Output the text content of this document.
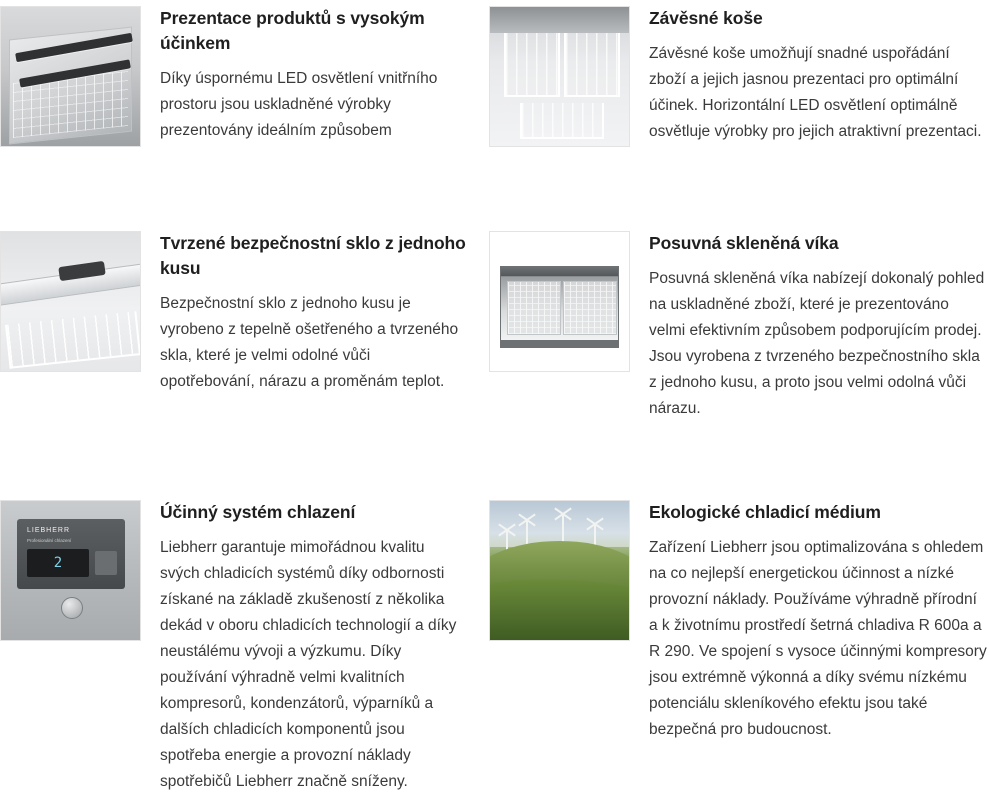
Prezentace produktů s vysokým účinkem

Díky úspornému LED osvětlení vnitřního prostoru jsou uskladněné výrobky prezentovány ideálním způsobem

Závěsné koše

Závěsné koše umožňují snadné uspořádání zboží a jejich jasnou prezentaci pro optimální účinek. Horizontální LED osvětlení optimálně osvětluje výrobky pro jejich atraktivní prezentaci.

Tvrzené bezpečnostní sklo z jednoho kusu

Bezpečnostní sklo z jednoho kusu je vyrobeno z tepelně ošetřeného a tvrzeného skla, které je velmi odolné vůči opotřebování, nárazu a proměnám teplot.

Posuvná skleněná víka

Posuvná skleněná víka nabízejí dokonalý pohled na uskladněné zboží, které je prezentováno velmi efektivním způsobem podporujícím prodej. Jsou vyrobena z tvrzeného bezpečnostního skla z jednoho kusu, a proto jsou velmi odolná vůči nárazu.

LIEBHERR
Profesionální chlazení
2
Účinný systém chlazení

Liebherr garantuje mimořádnou kvalitu svých chladicích systémů díky odbornosti získané na základě zkušeností z několika dekád v oboru chladicích technologií a díky neustálému vývoji a výzkumu. Díky používání výhradně velmi kvalitních kompresorů, kondenzátorů, výparníků a dalších chladicích komponentů jsou spotřeba energie a provozní náklady spotřebičů Liebherr značně sníženy.

Ekologické chladicí médium

Zařízení Liebherr jsou optimalizována s ohledem na co nejlepší energetickou účinnost a nízké provozní náklady. Používáme výhradně přírodní a k životnímu prostředí šetrná chladiva R 600a a R 290. Ve spojení s vysoce účinnými kompresory jsou extrémně výkonná a díky svému nízkému potenciálu skleníkového efektu jsou také bezpečná pro budoucnost.
